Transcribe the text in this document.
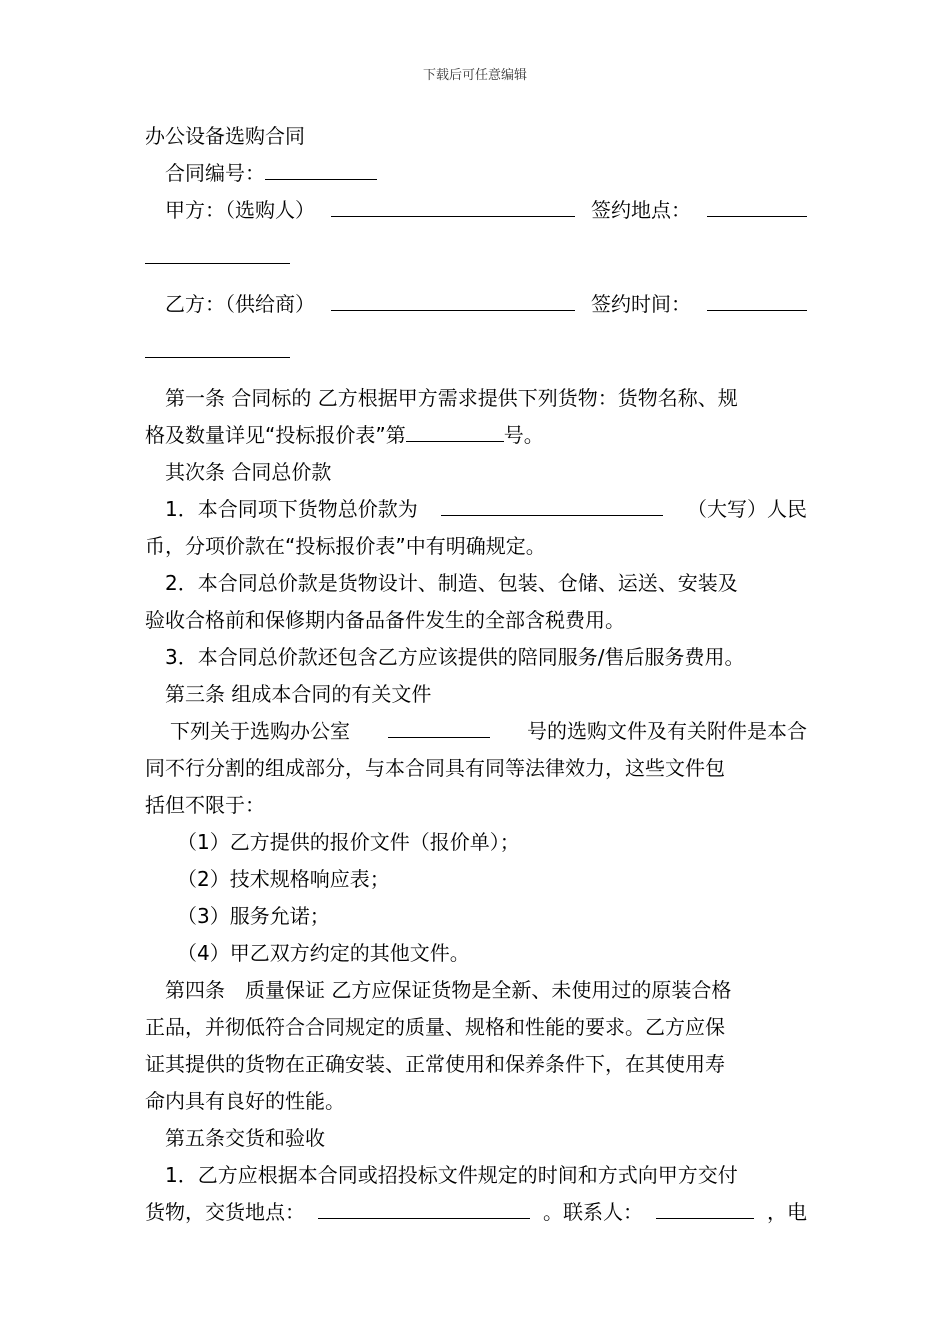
下载后可任意编辑
办公设备选购合同
合同编号：
甲方：（选购人）	签约地点：
乙方：（供给商）	签约时间：
第一条 合同标的 乙方根据甲方需求提供下列货物：货物名称、规
格及数量详见“投标报价表”第	号。
其次条 合同总价款
1．本合同项下货物总价款为	（大写）人民
币，分项价款在“投标报价表”中有明确规定。
2．本合同总价款是货物设计、制造、包装、仓储、运送、安装及
验收合格前和保修期内备品备件发生的全部含税费用。
3．本合同总价款还包含乙方应该提供的陪同服务/售后服务费用。
第三条 组成本合同的有关文件
下列关于选购办公室	号的选购文件及有关附件是本合
同不行分割的组成部分，与本合同具有同等法律效力，这些文件包
括但不限于：
（1）乙方提供的报价文件（报价单）；
（2）技术规格响应表；
（3）服务允诺；
（4）甲乙双方约定的其他文件。
第四条　质量保证 乙方应保证货物是全新、未使用过的原装合格
正品，并彻低符合合同规定的质量、规格和性能的要求。乙方应保
证其提供的货物在正确安装、正常使用和保养条件下，在其使用寿
命内具有良好的性能。
第五条交货和验收
1．乙方应根据本合同或招投标文件规定的时间和方式向甲方交付
货物，交货地点：	。联系人：	，电
